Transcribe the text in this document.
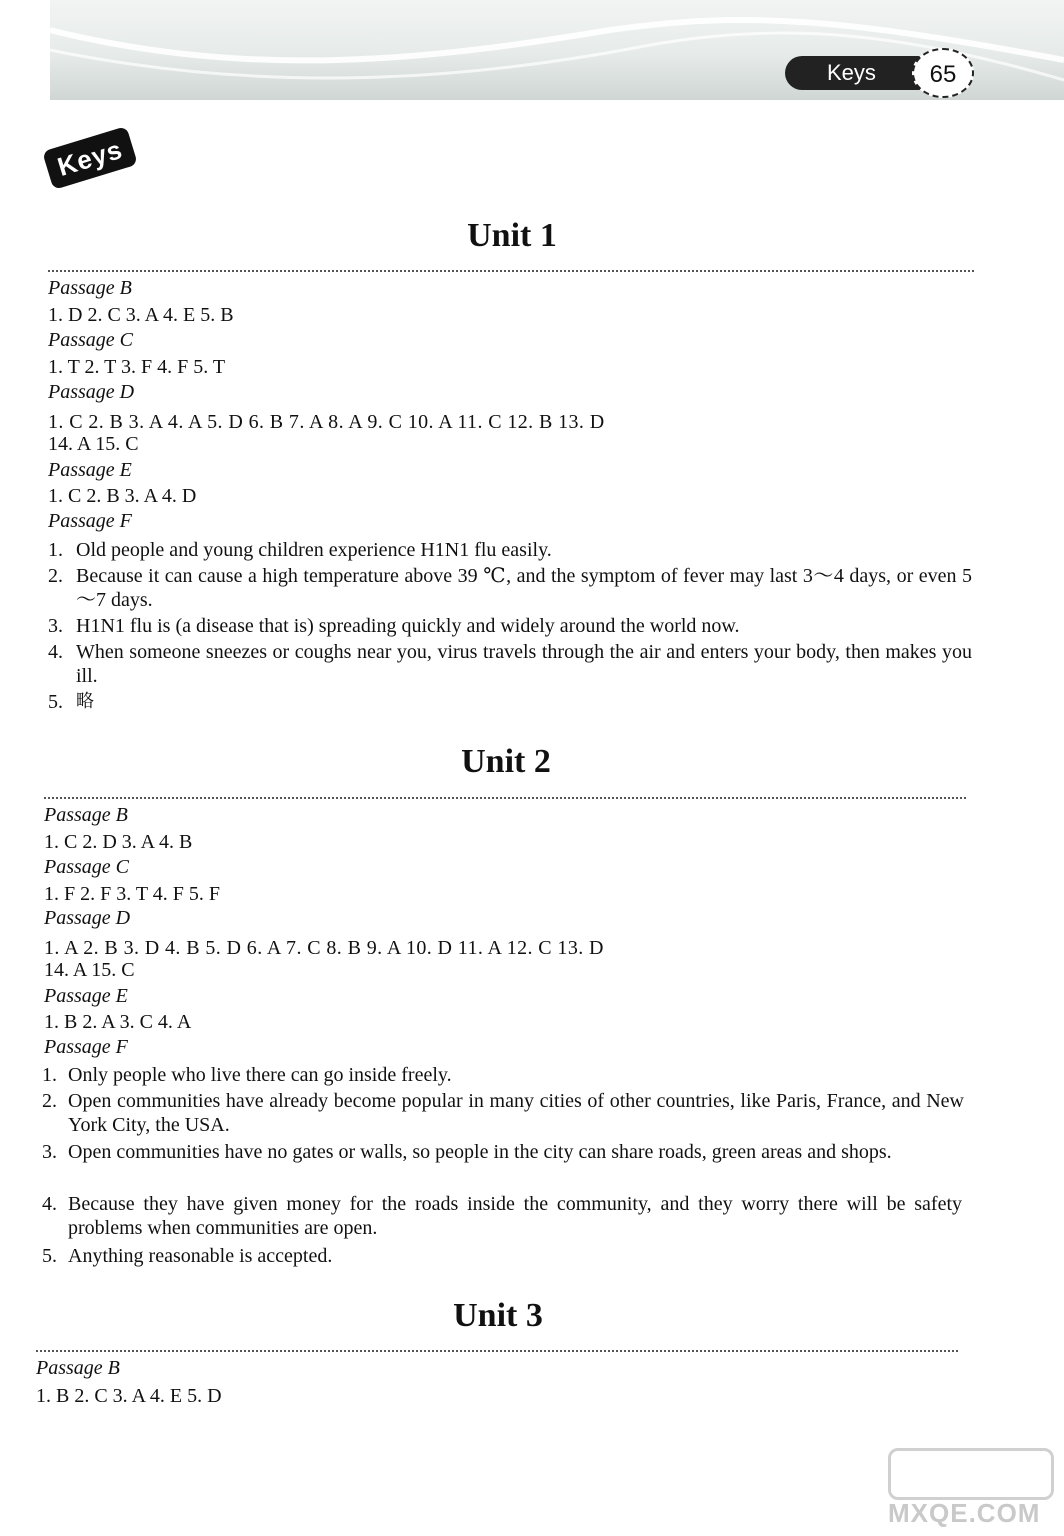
Keys	65
Keys
Unit 1
Passage B
1. D 2. C 3. A 4. E 5. B
Passage C
1. T 2. T 3. F 4. F 5. T
Passage D
1. C 2. B 3. A 4. A 5. D 6. B 7. A 8. A 9. C 10. A 11. C 12. B 13. D
14. A 15. C
Passage E
1. C 2. B 3. A 4. D
Passage F
1. Old people and young children experience H1N1 flu easily.
2. Because it can cause a high temperature above 39 ℃, and the symptom of fever may last 3～4 days, or even 5～7 days.
3. H1N1 flu is (a disease that is) spreading quickly and widely around the world now.
4. When someone sneezes or coughs near you, virus travels through the air and enters your body, then makes you ill.
5. 略
Unit 2
Passage B
1. C 2. D 3. A 4. B
Passage C
1. F 2. F 3. T 4. F 5. F
Passage D
1. A 2. B 3. D 4. B 5. D 6. A 7. C 8. B 9. A 10. D 11. A 12. C 13. D
14. A 15. C
Passage E
1. B 2. A 3. C 4. A
Passage F
1. Only people who live there can go inside freely.
2. Open communities have already become popular in many cities of other countries, like Paris, France, and New York City, the USA.
3. Open communities have no gates or walls, so people in the city can share roads, green areas and shops.
4. Because they have given money for the roads inside the community, and they worry there will be safety problems when communities are open.
5. Anything reasonable is accepted.
Unit 3
Passage B
1. B 2. C 3. A 4. E 5. D
MXQE.COM
